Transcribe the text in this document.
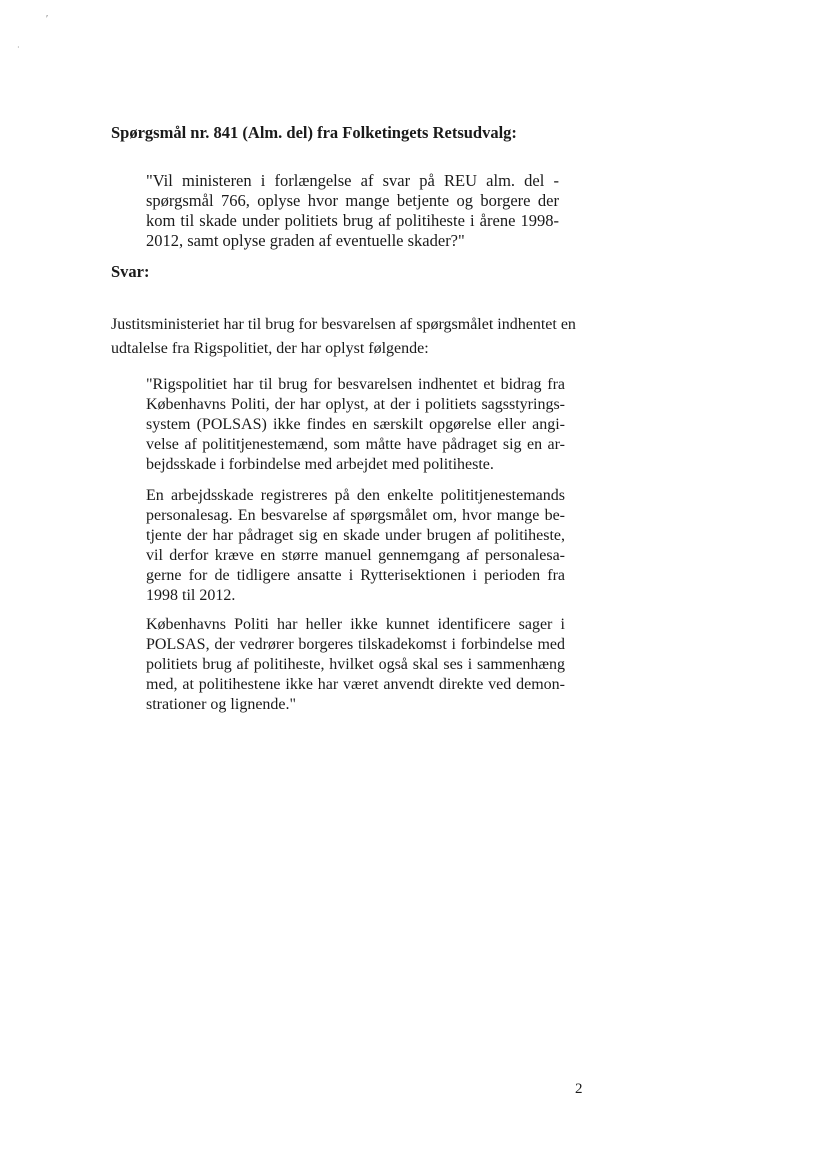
ʹ
·

Spørgsmål nr. 841 (Alm. del) fra Folketingets Retsudvalg:

"Vil ministeren i forlængelse af svar på REU alm. del -
spørgsmål 766, oplyse hvor mange betjente og borgere der
kom til skade under politiets brug af politiheste i årene 1998-
2012, samt oplyse graden af eventuelle skader?"

Svar:

Justitsministeriet har til brug for besvarelsen af spørgsmålet indhentet en
udtalelse fra Rigspolitiet, der har oplyst følgende:
"Rigspolitiet har til brug for besvarelsen indhentet et bidrag fra
Københavns Politi, der har oplyst, at der i politiets sagsstyrings-
system (POLSAS) ikke findes en særskilt opgørelse eller angi-
velse af polititjenestemænd, som måtte have pådraget sig en ar-
bejdsskade i forbindelse med arbejdet med politiheste.
En arbejdsskade registreres på den enkelte polititjenestemands
personalesag. En besvarelse af spørgsmålet om, hvor mange be-
tjente der har pådraget sig en skade under brugen af politiheste,
vil derfor kræve en større manuel gennemgang af personalesa-
gerne for de tidligere ansatte i Rytterisektionen i perioden fra
1998 til 2012.
Københavns Politi har heller ikke kunnet identificere sager i
POLSAS, der vedrører borgeres tilskadekomst i forbindelse med
politiets brug af politiheste, hvilket også skal ses i sammenhæng
med, at politihestene ikke har været anvendt direkte ved demon-
strationer og lignende."

2
